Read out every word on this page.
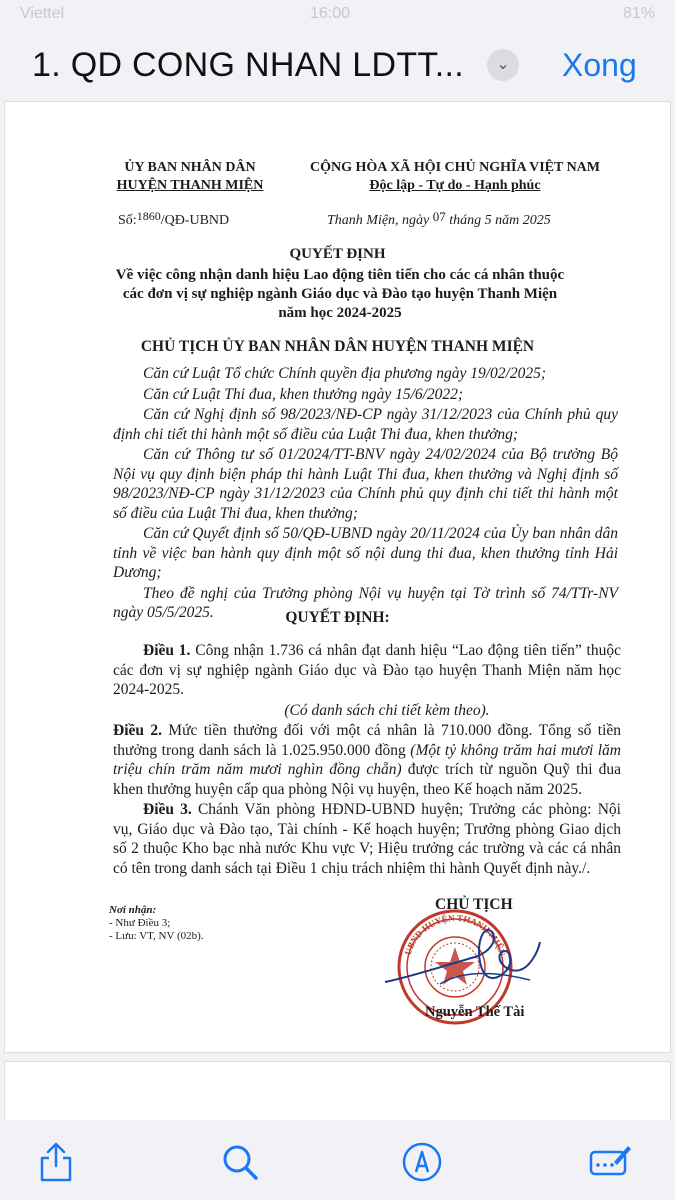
Viettel	16:00	81%
1. QD CONG NHAN LDTT...	⌄ Xong
ỦY BAN NHÂN DÂN
HUYỆN THANH MIỆN
CỘNG HÒA XÃ HỘI CHỦ NGHĨA VIỆT NAM
Độc lập - Tự do - Hạnh phúc
Số:1860/QĐ-UBND	Thanh Miện, ngày 07 tháng 5 năm 2025
QUYẾT ĐỊNH
Về việc công nhận danh hiệu Lao động tiên tiến cho các cá nhân thuộc các đơn vị sự nghiệp ngành Giáo dục và Đào tạo huyện Thanh Miện năm học 2024-2025
CHỦ TỊCH ỦY BAN NHÂN DÂN HUYỆN THANH MIỆN

Căn cứ Luật Tổ chức Chính quyền địa phương ngày 19/02/2025;

Căn cứ Luật Thi đua, khen thưởng ngày 15/6/2022;

Căn cứ Nghị định số 98/2023/NĐ-CP ngày 31/12/2023 của Chính phủ quy định chi tiết thi hành một số điều của Luật Thi đua, khen thưởng;

Căn cứ Thông tư số 01/2024/TT-BNV ngày 24/02/2024 của Bộ trưởng Bộ Nội vụ quy định biện pháp thi hành Luật Thi đua, khen thưởng và Nghị định số 98/2023/NĐ-CP ngày 31/12/2023 của Chính phủ quy định chi tiết thi hành một số điều của Luật Thi đua, khen thưởng;

Căn cứ Quyết định số 50/QĐ-UBND ngày 20/11/2024 của Ủy ban nhân dân tỉnh về việc ban hành quy định một số nội dung thi đua, khen thưởng tỉnh Hải Dương;

Theo đề nghị của Trưởng phòng Nội vụ huyện tại Tờ trình số 74/TTr-NV ngày 05/5/2025.	QUYẾT ĐỊNH:

Điều 1. Công nhận 1.736 cá nhân đạt danh hiệu “Lao động tiên tiến” thuộc các đơn vị sự nghiệp ngành Giáo dục và Đào tạo huyện Thanh Miện năm học 2024-2025.

(Có danh sách chi tiết kèm theo).

Điều 2. Mức tiền thưởng đối với một cá nhân là 710.000 đồng. Tổng số tiền thưởng trong danh sách là 1.025.950.000 đồng (Một tỷ không trăm hai mươi lăm triệu chín trăm năm mươi nghìn đồng chẵn) được trích từ nguồn Quỹ thi đua khen thưởng huyện cấp qua phòng Nội vụ huyện, theo Kế hoạch năm 2025.

Điều 3. Chánh Văn phòng HĐND-UBND huyện; Trưởng các phòng: Nội vụ, Giáo dục và Đào tạo, Tài chính - Kế hoạch huyện; Trưởng phòng Giao dịch số 2 thuộc Kho bạc nhà nước Khu vực V; Hiệu trưởng các trường và các cá nhân có tên trong danh sách tại Điều 1 chịu trách nhiệm thi hành Quyết định này./.

Nơi nhận:
- Như Điều 3;
- Lưu: VT, NV (02b).
CHỦ TỊCH
UBND HUYỆN THANH MIỆN
Nguyễn Thế Tài
